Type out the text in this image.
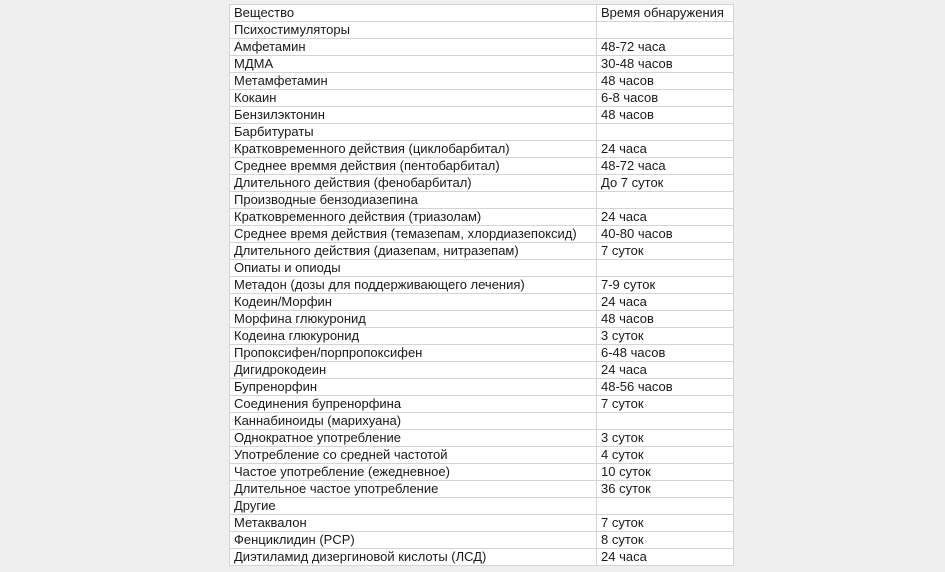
Вещество	Время обнаружения
Психостимуляторы	
Амфетамин	48-72 часа
МДМА	30-48 часов
Метамфетамин	48 часов
Кокаин	6-8 часов
Бензилэктонин	48 часов
Барбитураты	
Кратковременного действия (циклобарбитал)	24 часа
Среднее времмя действия (пентобарбитал)	48-72 часа
Длительного действия (фенобарбитал)	До 7 суток
Производные бензодиазепина	
Кратковременного действия (триазолам)	24 часа
Среднее время действия (темазепам, хлордиазепоксид)	40-80 часов
Длительного действия (диазепам, нитразепам)	7 суток
Опиаты и опиоды	
Метадон (дозы для поддерживающего лечения)	7-9 суток
Кодеин/Морфин	24 часа
Морфина глюкуронид	48 часов
Кодеина глюкуронид	3 суток
Пропоксифен/порпропоксифен	6-48 часов
Дигидрокодеин	24 часа
Бупренорфин	48-56 часов
Соединения бупренорфина	7 суток
Каннабиноиды (марихуана)	
Однократное употребление	3 суток
Употребление со средней частотой	4 суток
Частое употребление (ежедневное)	10 суток
Длительное частое употребление	36 суток
Другие	
Метаквалон	7 суток
Фенциклидин (PCP)	8 суток
Диэтиламид дизергиновой кислоты (ЛСД)	24 часа
